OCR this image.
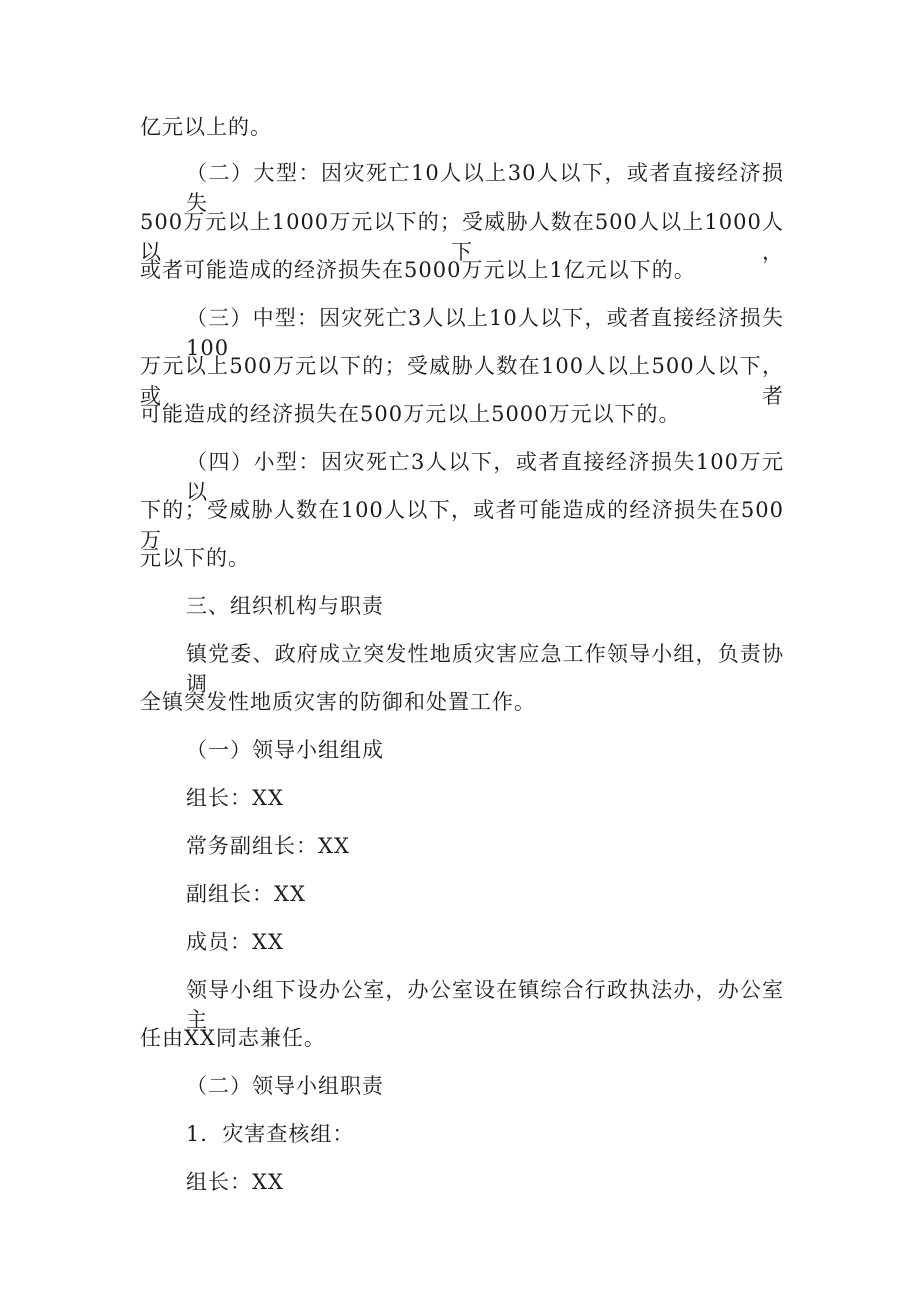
亿元以上的。
（二）大型：因灾死亡10人以上30人以下，或者直接经济损失
500万元以上1000万元以下的；受威胁人数在500人以上1000人以下，
或者可能造成的经济损失在5000万元以上1亿元以下的。
（三）中型：因灾死亡3人以上10人以下，或者直接经济损失100
万元以上500万元以下的；受威胁人数在100人以上500人以下，或者
可能造成的经济损失在500万元以上5000万元以下的。
（四）小型：因灾死亡3人以下，或者直接经济损失100万元以
下的；受威胁人数在100人以下，或者可能造成的经济损失在500万
元以下的。
三、组织机构与职责
镇党委、政府成立突发性地质灾害应急工作领导小组，负责协调
全镇突发性地质灾害的防御和处置工作。
（一）领导小组组成
组长：XX
常务副组长：XX
副组长：XX
成员：XX
领导小组下设办公室，办公室设在镇综合行政执法办，办公室主
任由XX同志兼任。
（二）领导小组职责
1．灾害查核组：
组长：XX
